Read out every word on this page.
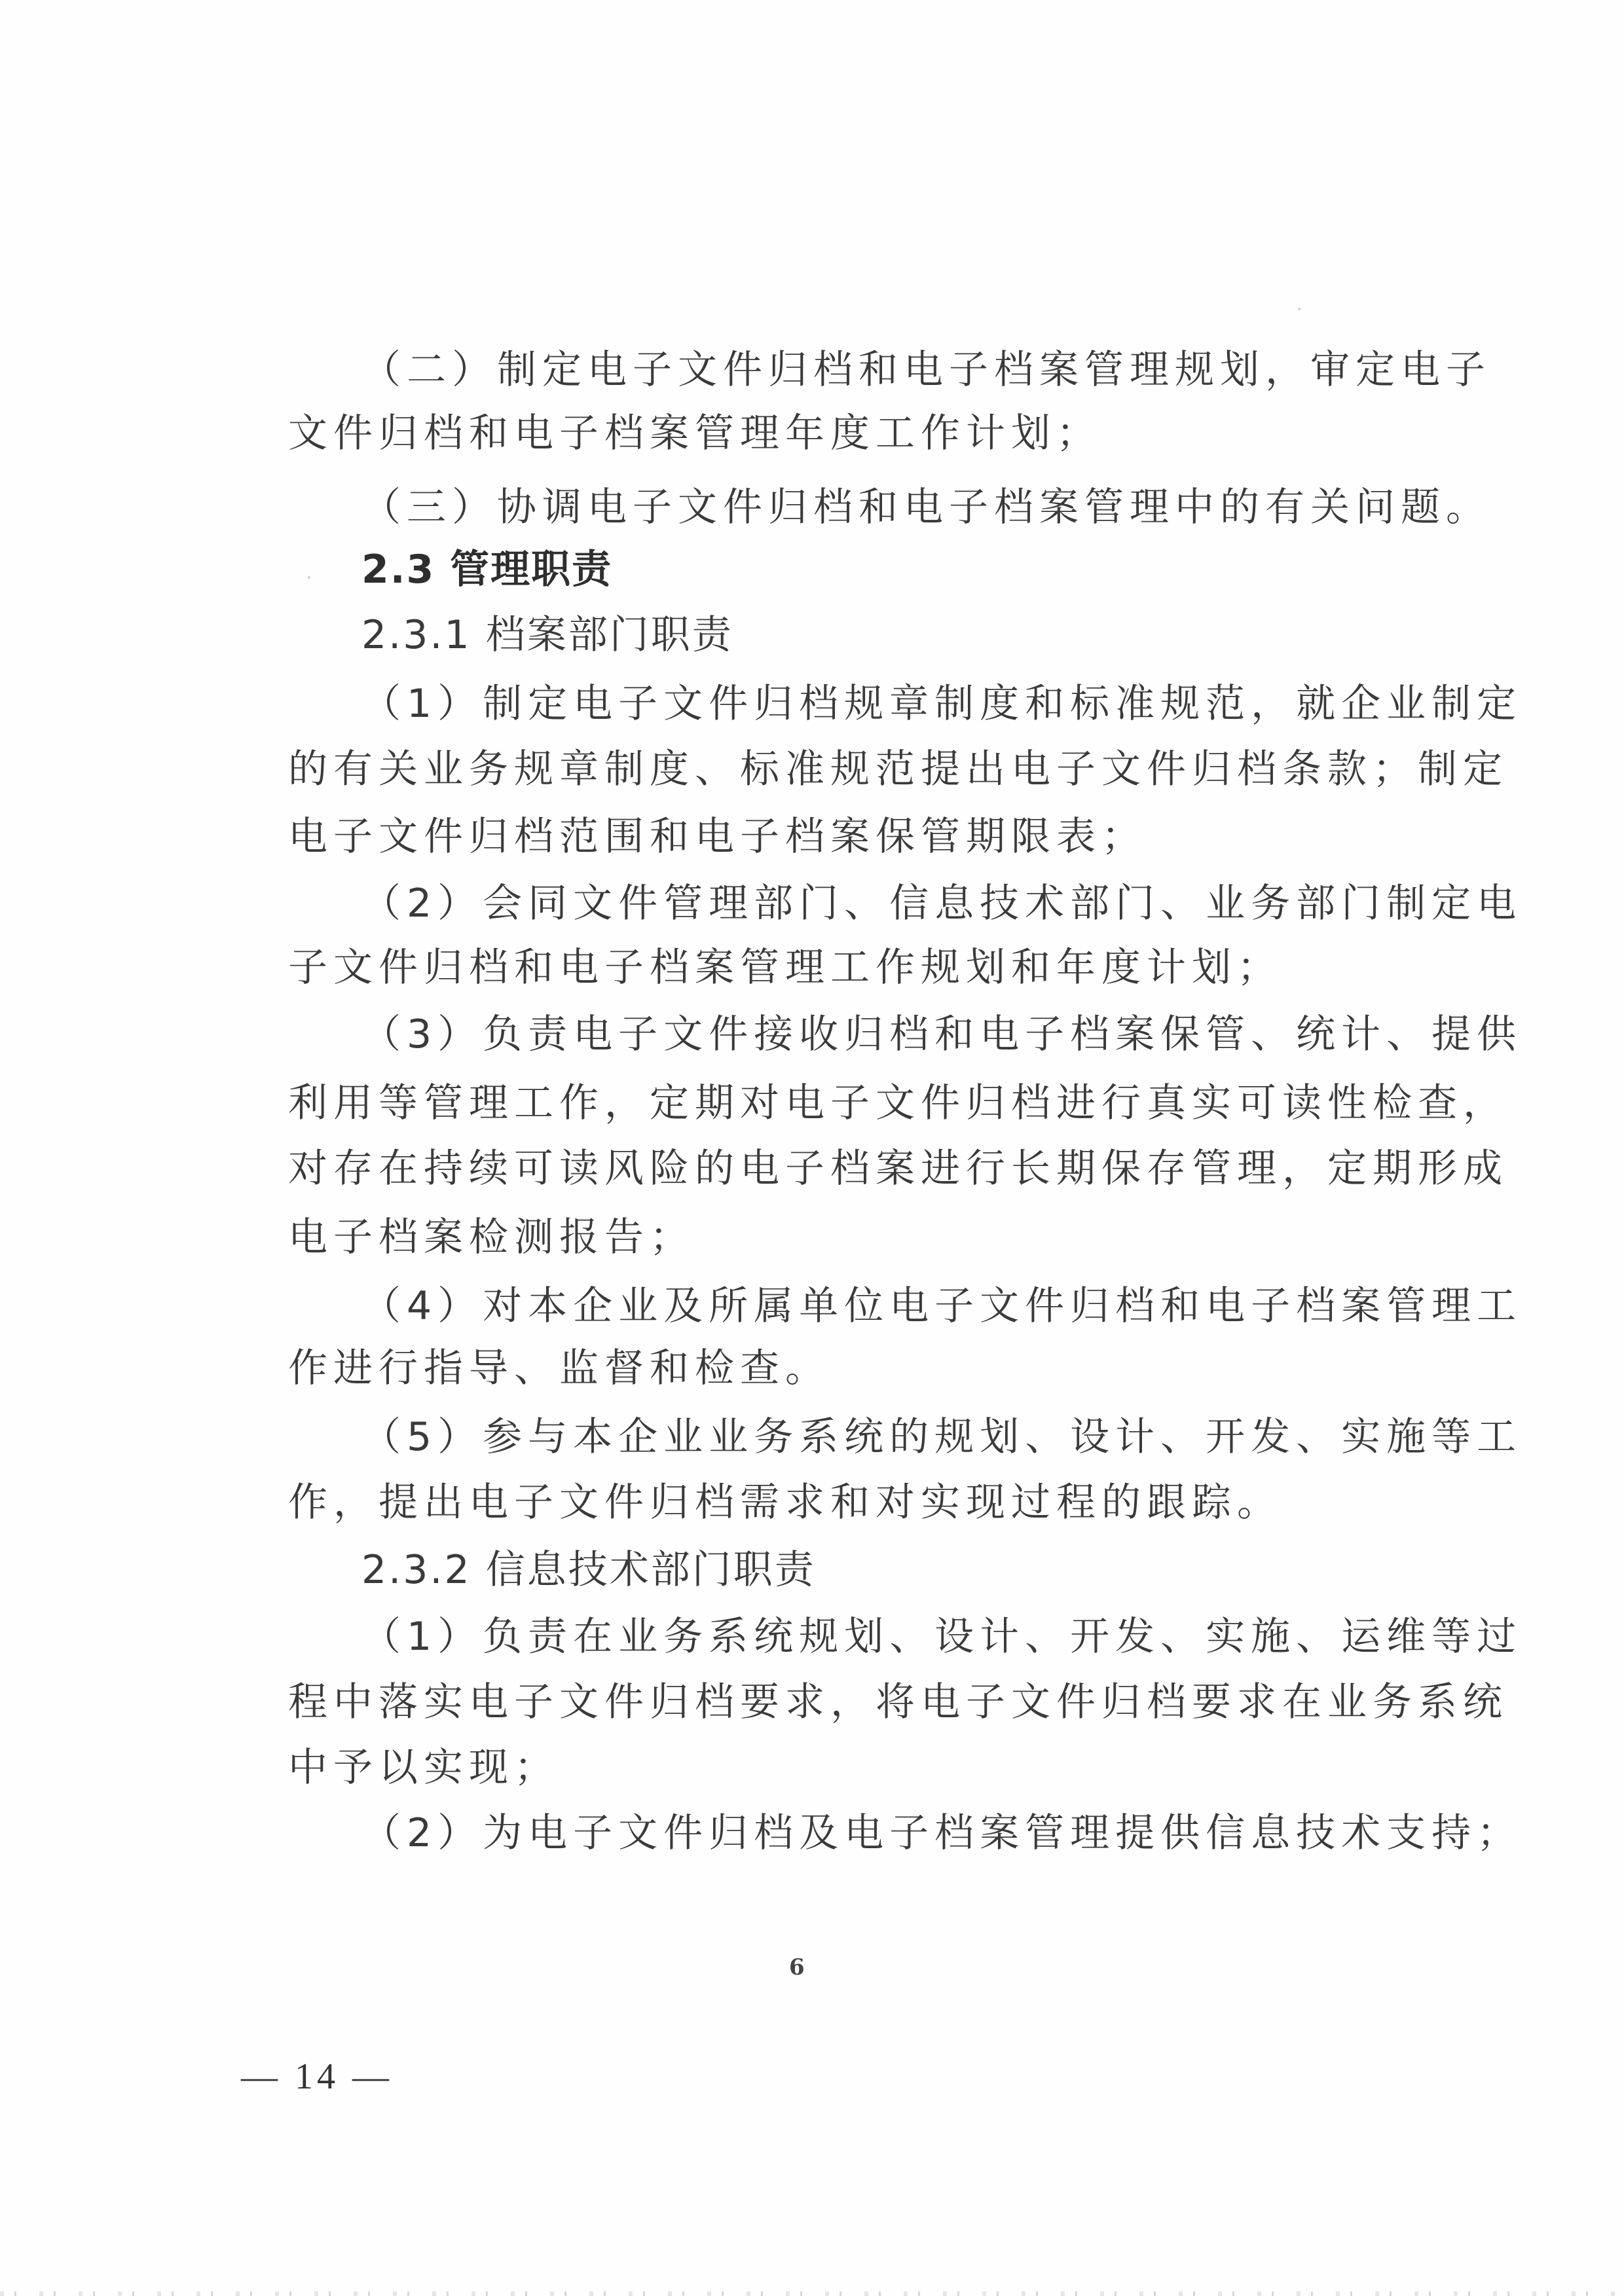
（二）制定电子文件归档和电子档案管理规划，审定电子
文件归档和电子档案管理年度工作计划；
（三）协调电子文件归档和电子档案管理中的有关问题。
2.3 管理职责
2.3.1 档案部门职责
（1）制定电子文件归档规章制度和标准规范，就企业制定
的有关业务规章制度、标准规范提出电子文件归档条款；制定
电子文件归档范围和电子档案保管期限表；
（2）会同文件管理部门、信息技术部门、业务部门制定电
子文件归档和电子档案管理工作规划和年度计划；
（3）负责电子文件接收归档和电子档案保管、统计、提供
利用等管理工作，定期对电子文件归档进行真实可读性检查，
对存在持续可读风险的电子档案进行长期保存管理，定期形成
电子档案检测报告；
（4）对本企业及所属单位电子文件归档和电子档案管理工
作进行指导、监督和检查。
（5）参与本企业业务系统的规划、设计、开发、实施等工
作，提出电子文件归档需求和对实现过程的跟踪。
2.3.2 信息技术部门职责
（1）负责在业务系统规划、设计、开发、实施、运维等过
程中落实电子文件归档要求，将电子文件归档要求在业务系统
中予以实现；
（2）为电子文件归档及电子档案管理提供信息技术支持；
6
— 14 —
